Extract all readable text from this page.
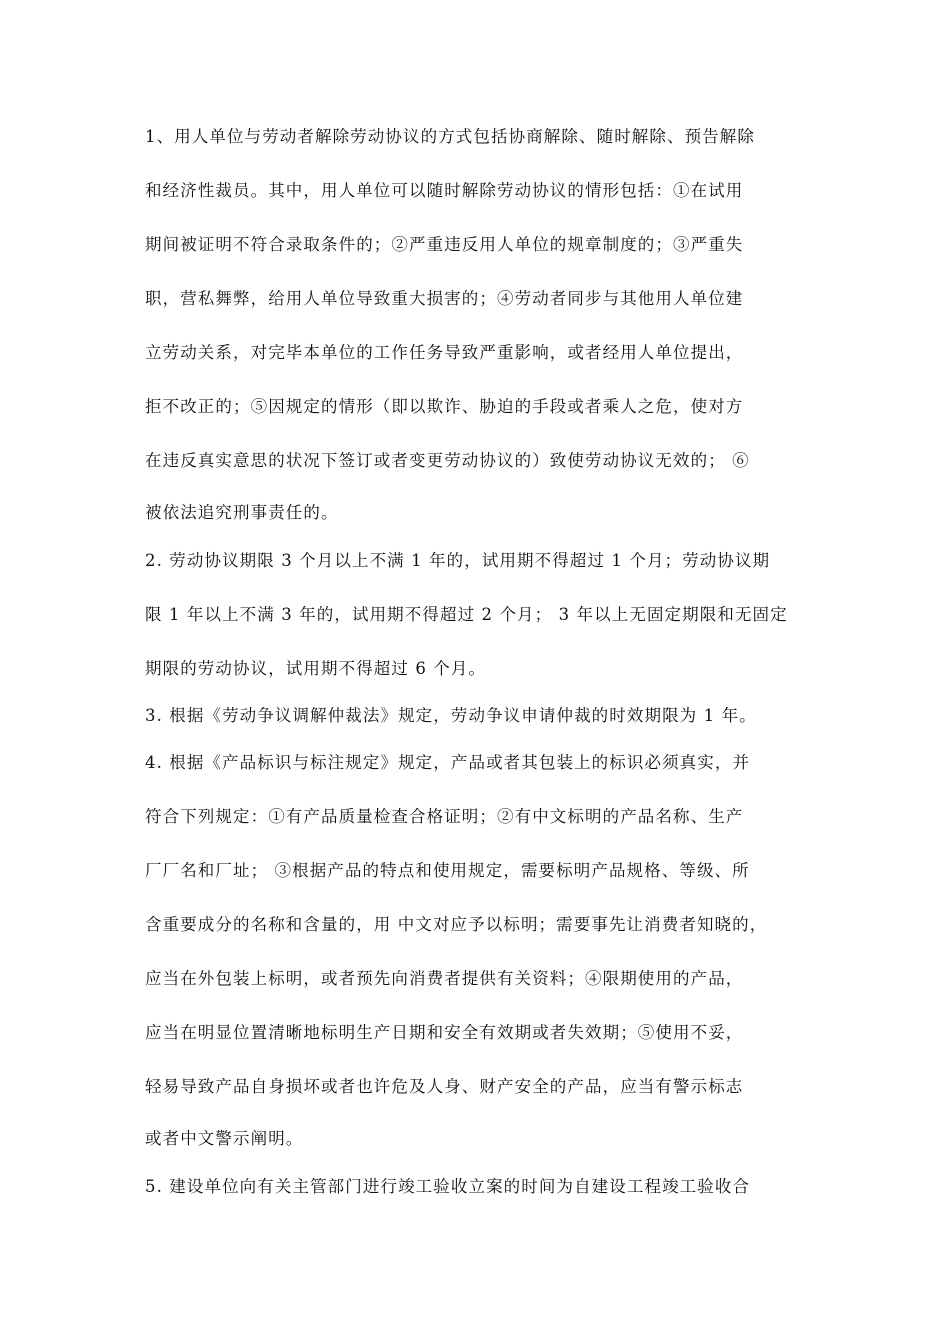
1、用人单位与劳动者解除劳动协议的方式包括协商解除、随时解除、预告解除
和经济性裁员。其中，用人单位可以随时解除劳动协议的情形包括：①在试用
期间被证明不符合录取条件的；②严重违反用人单位的规章制度的；③严重失
职，营私舞弊，给用人单位导致重大损害的；④劳动者同步与其他用人单位建
立劳动关系，对完毕本单位的工作任务导致严重影响，或者经用人单位提出，
拒不改正的；⑤因规定的情形（即以欺诈、胁迫的手段或者乘人之危，使对方
在违反真实意思的状况下签订或者变更劳动协议的）致使劳动协议无效的； ⑥
被依法追究刑事责任的。
2. 劳动协议期限 3 个月以上不满 1 年的，试用期不得超过 1 个月；劳动协议期
限 1 年以上不满 3 年的，试用期不得超过 2 个月； 3 年以上无固定期限和无固定
期限的劳动协议，试用期不得超过 6 个月。
3. 根据《劳动争议调解仲裁法》规定，劳动争议申请仲裁的时效期限为 1 年。
4. 根据《产品标识与标注规定》规定，产品或者其包装上的标识必须真实，并
符合下列规定：①有产品质量检查合格证明；②有中文标明的产品名称、生产
厂厂名和厂址； ③根据产品的特点和使用规定，需要标明产品规格、等级、所
含重要成分的名称和含量的，用 中文对应予以标明；需要事先让消费者知晓的，
应当在外包装上标明，或者预先向消费者提供有关资料；④限期使用的产品，
应当在明显位置清晰地标明生产日期和安全有效期或者失效期；⑤使用不妥，
轻易导致产品自身损坏或者也许危及人身、财产安全的产品，应当有警示标志
或者中文警示阐明。
5. 建设单位向有关主管部门进行竣工验收立案的时间为自建设工程竣工验收合
